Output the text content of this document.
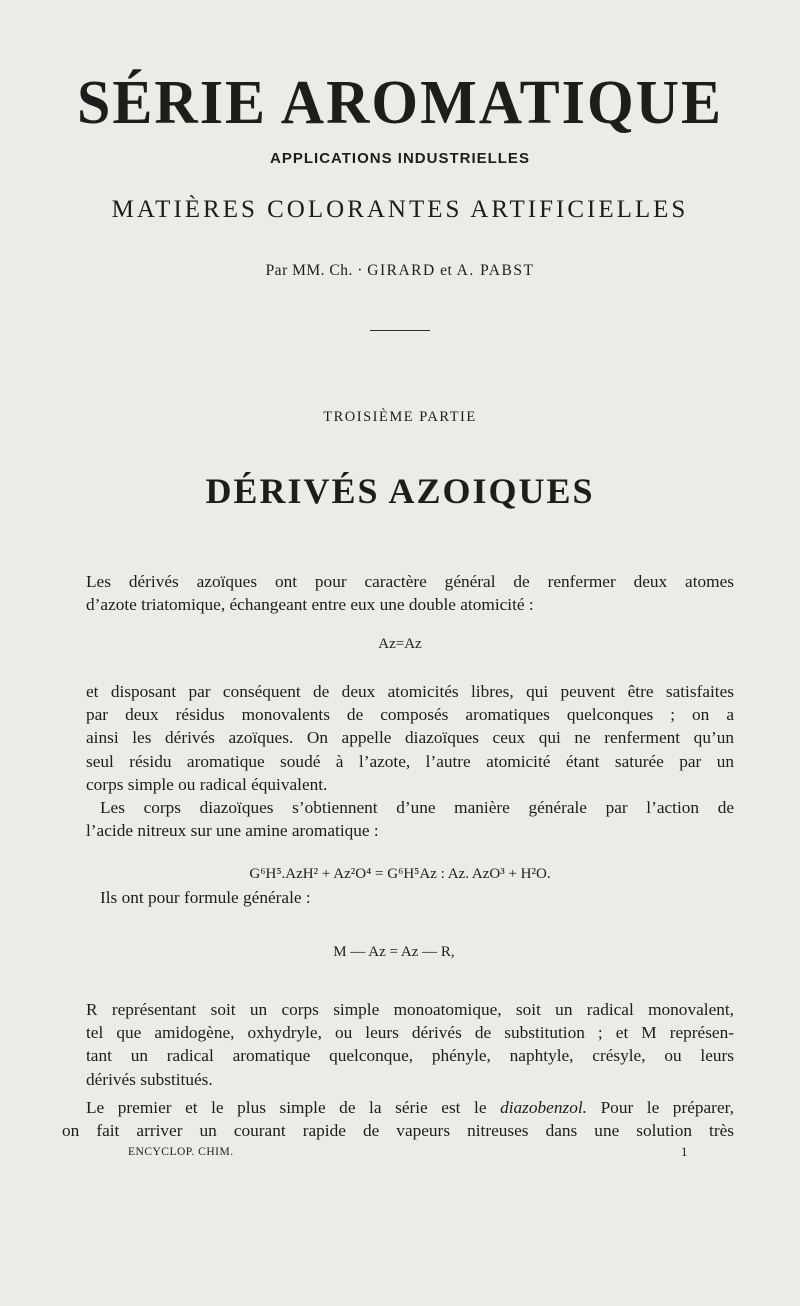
SÉRIE AROMATIQUE
APPLICATIONS INDUSTRIELLES
MATIÈRES COLORANTES ARTIFICIELLES
Par MM. Ch. · GIRARD et A. PABST
TROISIÈME PARTIE
DÉRIVÉS AZOIQUES
Les dérivés azoïques ont pour caractère général de renfermer deux atomes
d’azote triatomique, échangeant entre eux une double atomicité :
Az=Az
et disposant par conséquent de deux atomicités libres, qui peuvent être satisfaites
par deux résidus monovalents de composés aromatiques quelconques ; on a
ainsi les dérivés azoïques. On appelle diazoïques ceux qui ne renferment qu’un
seul résidu aromatique soudé à l’azote, l’autre atomicité étant saturée par un
corps simple ou radical équivalent.
Les corps diazoïques s’obtiennent d’une manière générale par l’action de
l’acide nitreux sur une amine aromatique :
G⁶H⁵.AzH² + Az²O⁴ = G⁶H⁵Az : Az. AzO³ + H²O.
Ils ont pour formule générale :
M — Az = Az — R,
R représentant soit un corps simple monoatomique, soit un radical monovalent,
tel que amidogène, oxhydryle, ou leurs dérivés de substitution ; et M représen-
tant un radical aromatique quelconque, phényle, naphtyle, crésyle, ou leurs
dérivés substitués.
Le premier et le plus simple de la série est le diazobenzol. Pour le préparer,
on fait arriver un courant rapide de vapeurs nitreuses dans une solution très
ENCYCLOP. CHIM.	1
